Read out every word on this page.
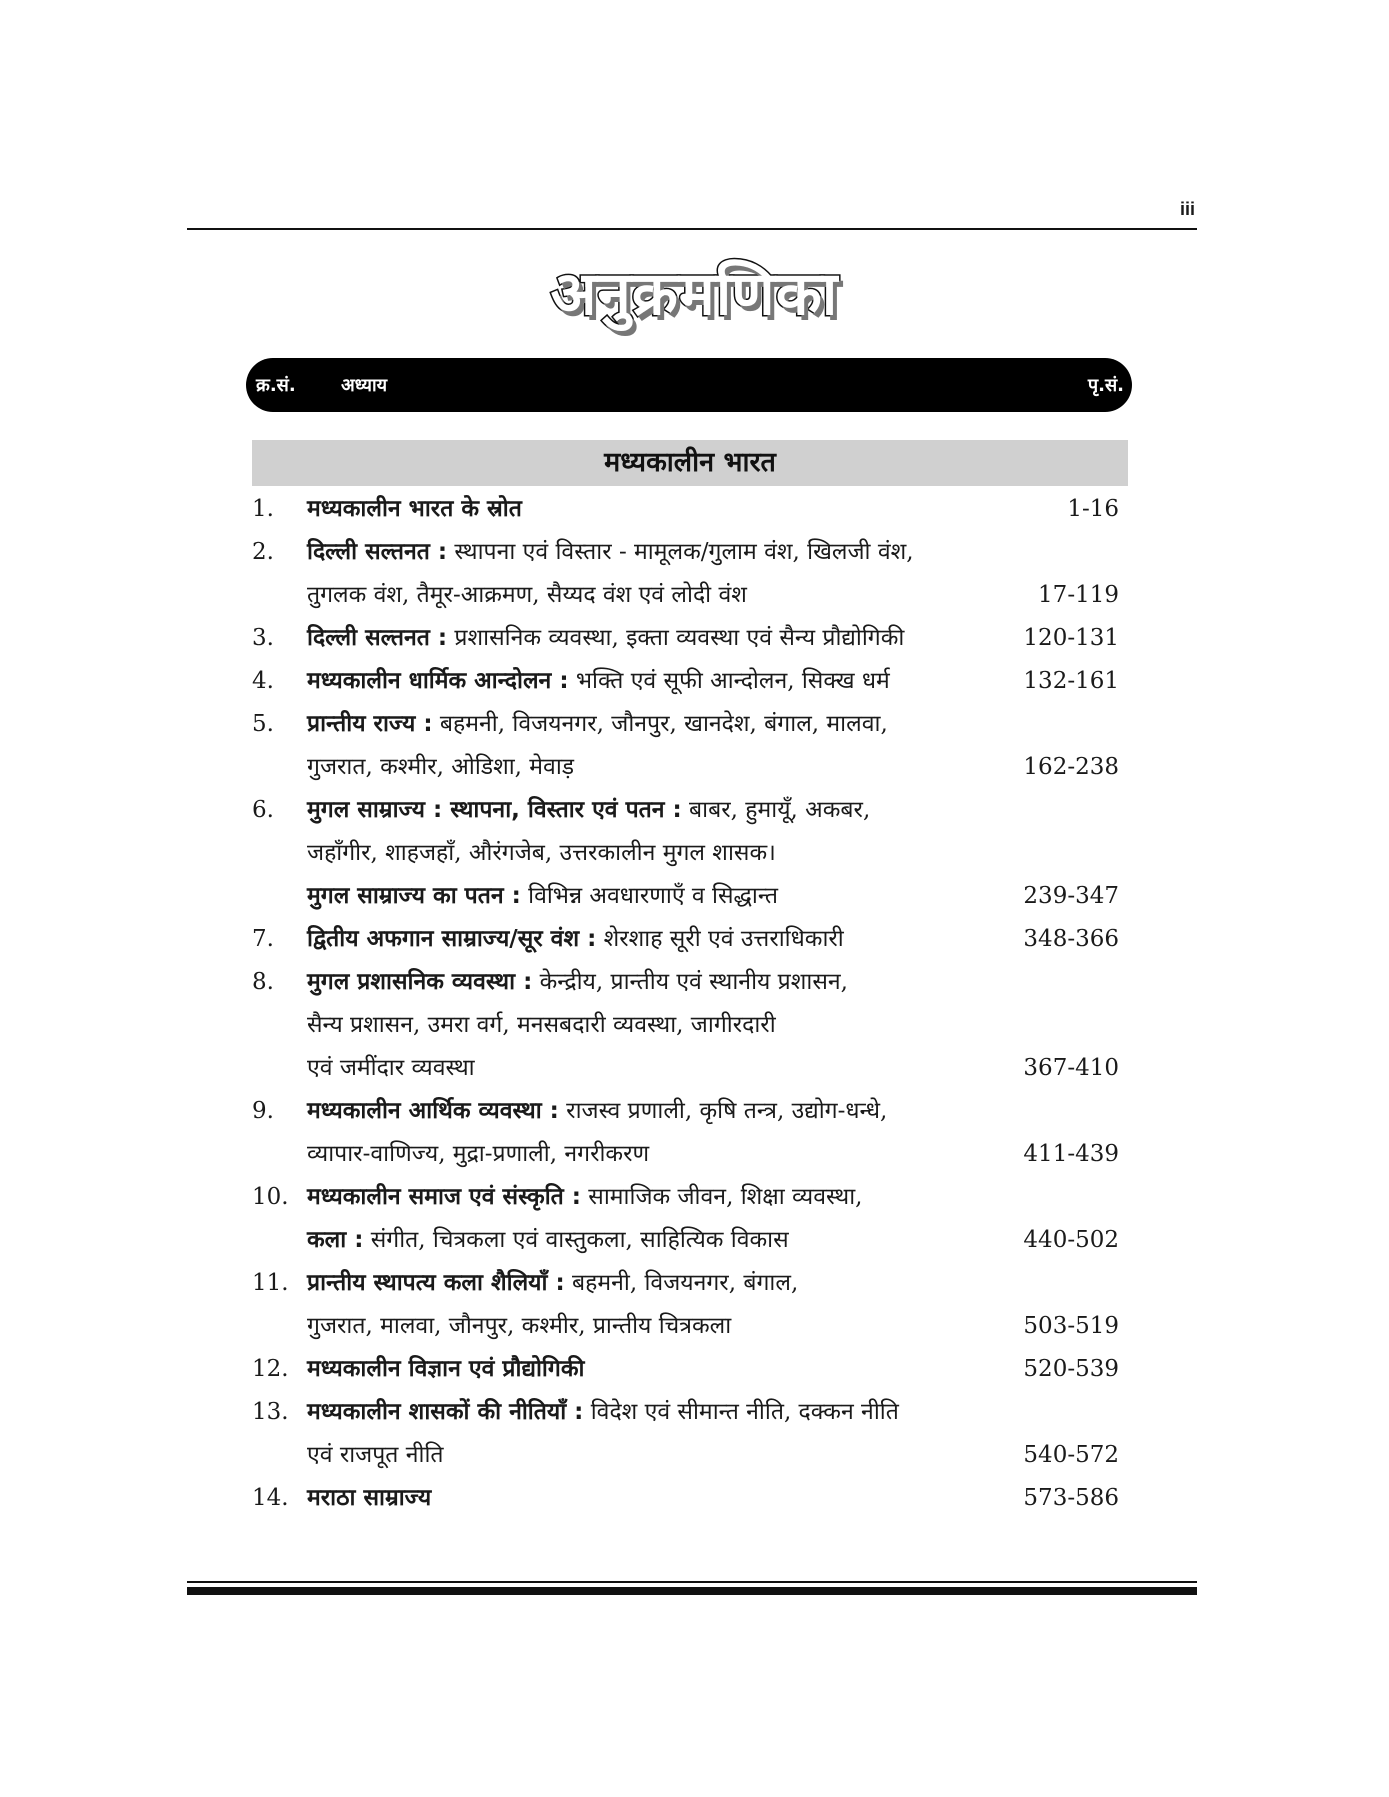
iii
अनुक्रमणिका
क्र.सं.	अध्याय	पृ.सं.
मध्यकालीन भारत
1. मध्यकालीन भारत के स्रोत	1-16
2. दिल्ली सल्तनत : स्थापना एवं विस्तार - मामूलक/गुलाम वंश, खिलजी वंश,
तुगलक वंश, तैमूर-आक्रमण, सैय्यद वंश एवं लोदी वंश	17-119
3. दिल्ली सल्तनत : प्रशासनिक व्यवस्था, इक्ता व्यवस्था एवं सैन्य प्रौद्योगिकी	120-131
4. मध्यकालीन धार्मिक आन्दोलन : भक्ति एवं सूफी आन्दोलन, सिक्ख धर्म	132-161
5. प्रान्तीय राज्य : बहमनी, विजयनगर, जौनपुर, खानदेश, बंगाल, मालवा,
गुजरात, कश्मीर, ओडिशा, मेवाड़	162-238
6. मुगल साम्राज्य : स्थापना, विस्तार एवं पतन : बाबर, हुमायूँ, अकबर,
जहाँगीर, शाहजहाँ, औरंगजेब, उत्तरकालीन मुगल शासक।
मुगल साम्राज्य का पतन : विभिन्न अवधारणाएँ व सिद्धान्त	239-347
7. द्वितीय अफगान साम्राज्य/सूर वंश : शेरशाह सूरी एवं उत्तराधिकारी	348-366
8. मुगल प्रशासनिक व्यवस्था : केन्द्रीय, प्रान्तीय एवं स्थानीय प्रशासन,
सैन्य प्रशासन, उमरा वर्ग, मनसबदारी व्यवस्था, जागीरदारी
एवं जमींदार व्यवस्था	367-410
9. मध्यकालीन आर्थिक व्यवस्था : राजस्व प्रणाली, कृषि तन्त्र, उद्योग-धन्धे,
व्यापार-वाणिज्य, मुद्रा-प्रणाली, नगरीकरण	411-439
10. मध्यकालीन समाज एवं संस्कृति : सामाजिक जीवन, शिक्षा व्यवस्था,
कला : संगीत, चित्रकला एवं वास्तुकला, साहित्यिक विकास	440-502
11. प्रान्तीय स्थापत्य कला शैलियाँ : बहमनी, विजयनगर, बंगाल,
गुजरात, मालवा, जौनपुर, कश्मीर, प्रान्तीय चित्रकला	503-519
12. मध्यकालीन विज्ञान एवं प्रौद्योगिकी	520-539
13. मध्यकालीन शासकों की नीतियाँ : विदेश एवं सीमान्त नीति, दक्कन नीति
एवं राजपूत नीति	540-572
14. मराठा साम्राज्य	573-586
